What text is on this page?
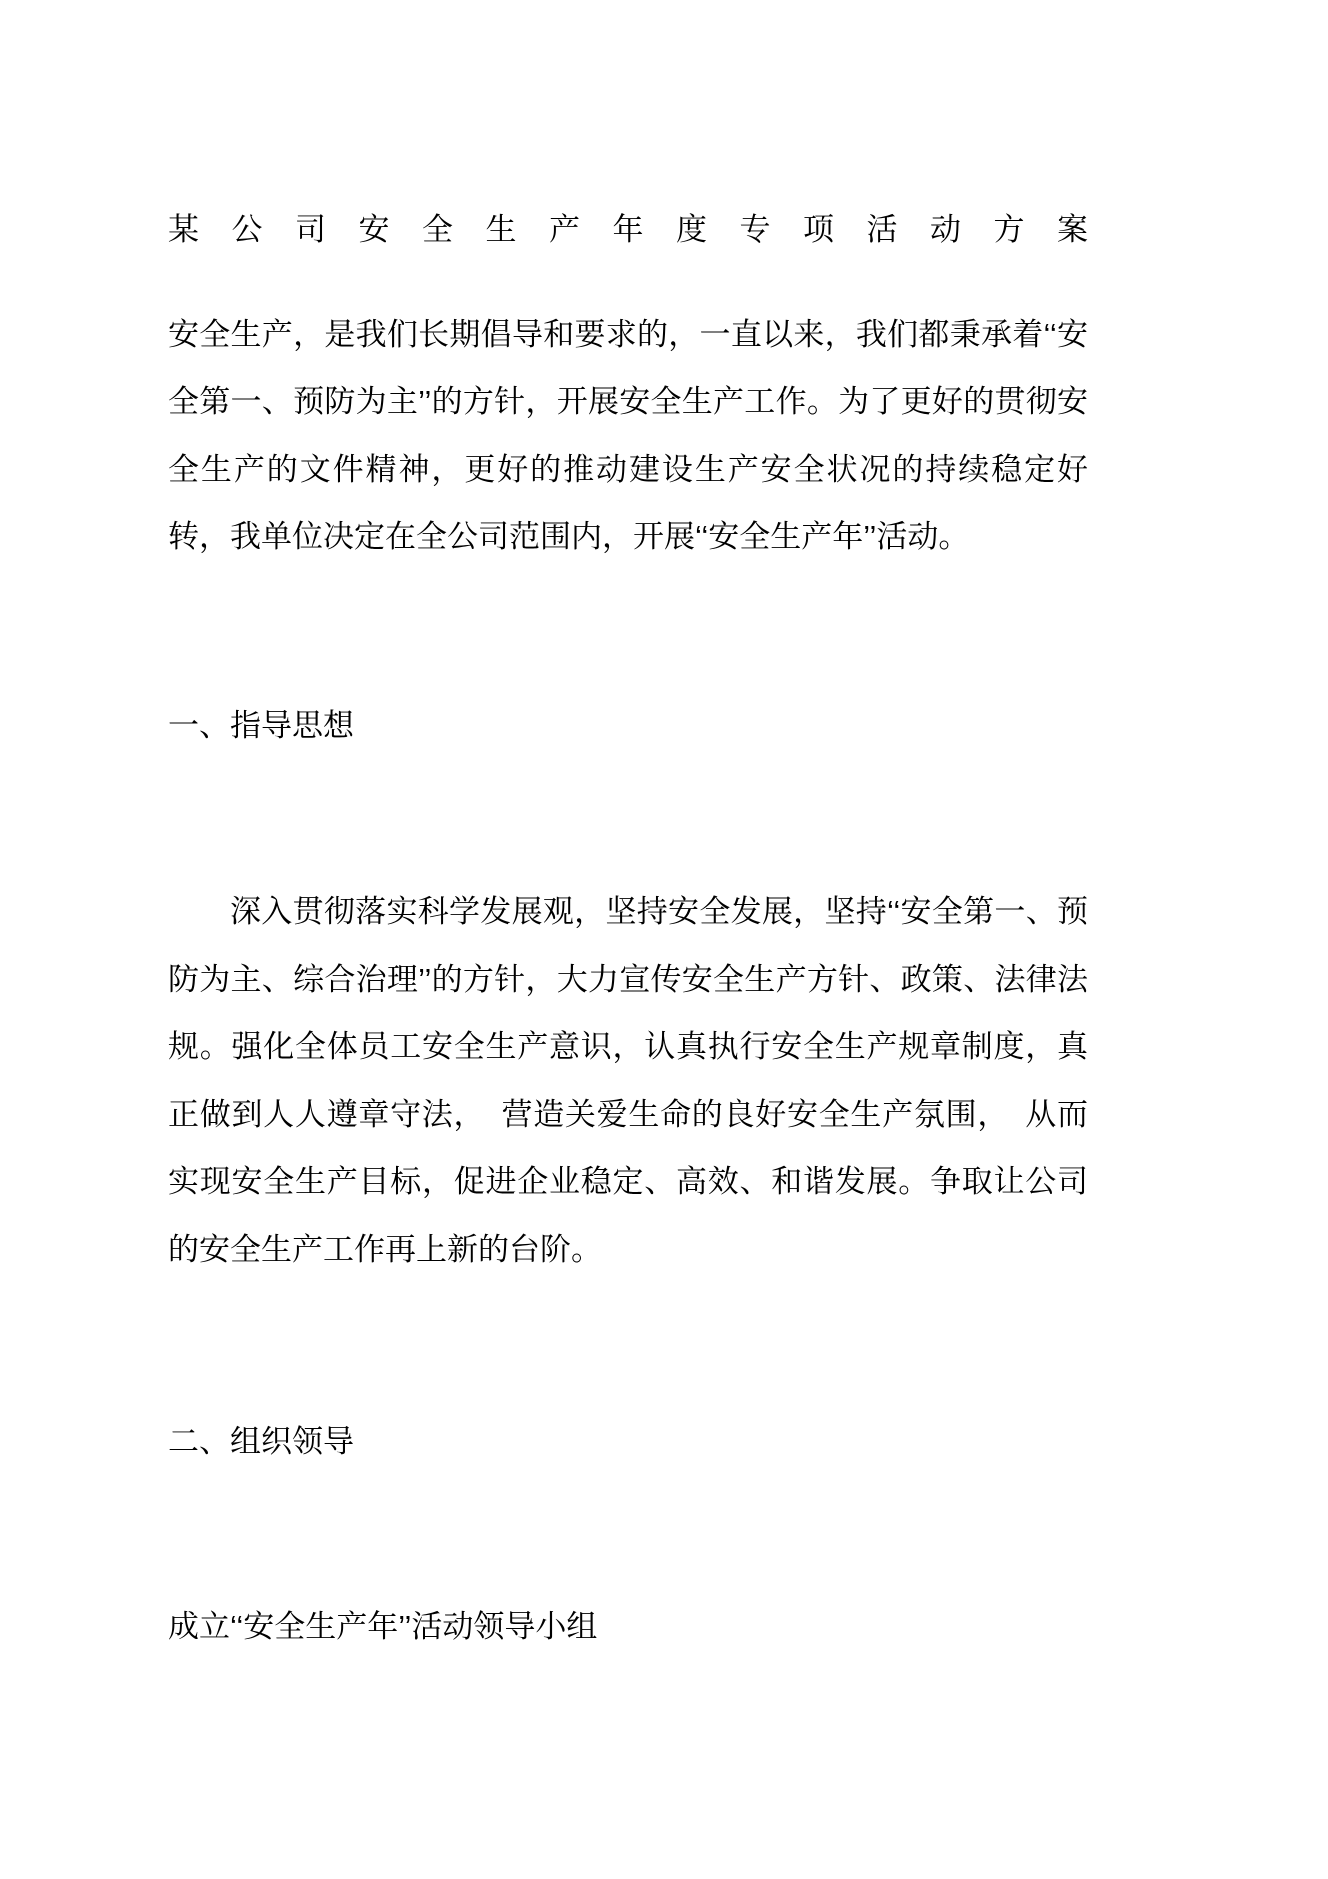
某 公 司 安 全 生 产 年 度 专 项 活 动 方 案

安全生产，是我们长期倡导和要求的，一直以来，我们都秉承着‘‘安全第一、预防为主’’的方针，开展安全生产工作。为了更好的贯彻安全生产的文件精神，更好的推动建设生产安全状况的持续稳定好转，我单位决定在全公司范围内，开展‘‘安全生产年’’活动。

一、指导思想

深入贯彻落实科学发展观，坚持安全发展，坚持‘‘安全第一、预防为主、综合治理’’的方针，大力宣传安全生产方针、政策、法律法规。强化全体员工安全生产意识，认真执行安全生产规章制度，真正做到人人遵章守法，　营造关爱生命的良好安全生产氛围，　从而实现安全生产目标，促进企业稳定、高效、和谐发展。争取让公司的安全生产工作再上新的台阶。

二、组织领导

成立‘‘安全生产年’’活动领导小组
